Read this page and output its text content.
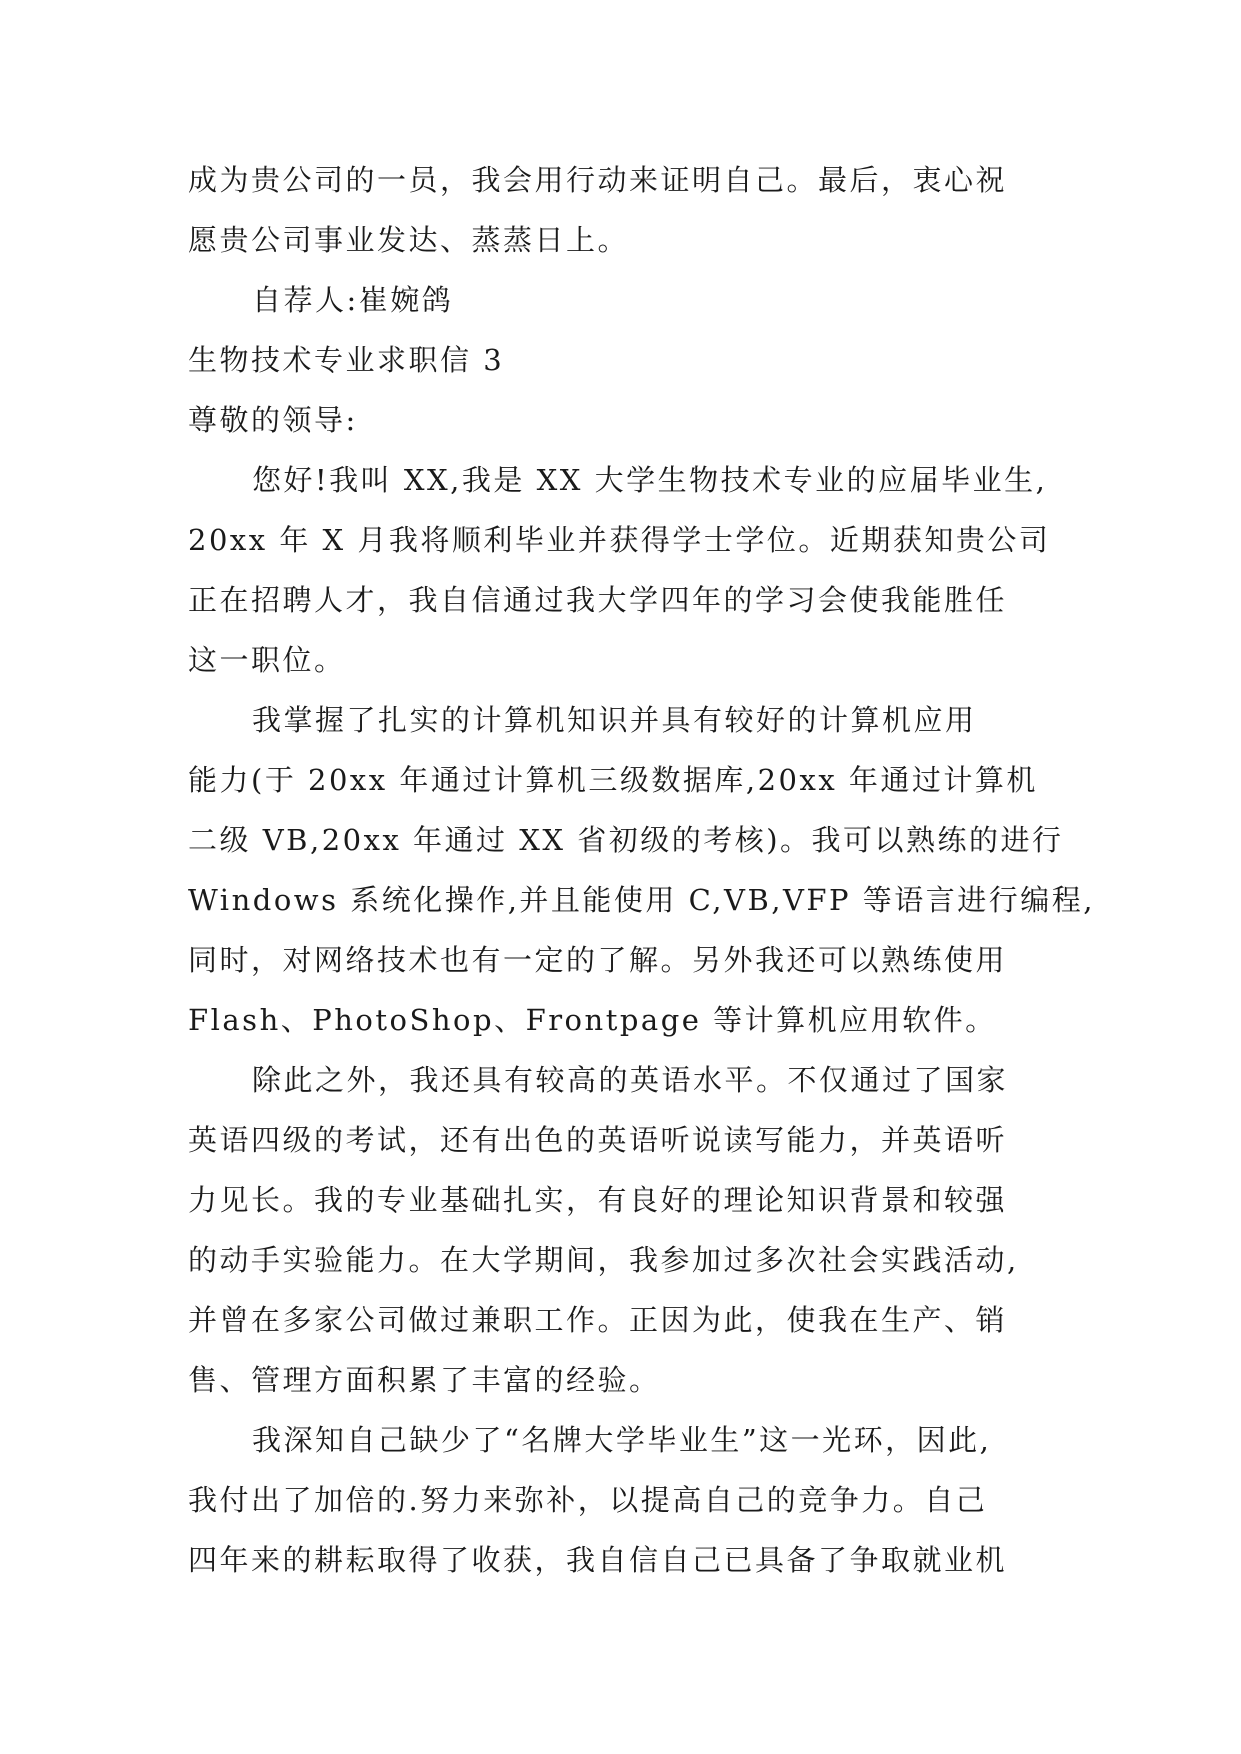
成为贵公司的一员，我会用行动来证明自己。最后，衷心祝
愿贵公司事业发达、蒸蒸日上。
自荐人:崔婉鸽
生物技术专业求职信 3
尊敬的领导:
您好!我叫 XX,我是 XX 大学生物技术专业的应届毕业生,
20xx 年 X 月我将顺利毕业并获得学士学位。近期获知贵公司
正在招聘人才，我自信通过我大学四年的学习会使我能胜任
这一职位。
我掌握了扎实的计算机知识并具有较好的计算机应用
能力(于 20xx 年通过计算机三级数据库,20xx 年通过计算机
二级 VB,20xx 年通过 XX 省初级的考核)。我可以熟练的进行
Windows 系统化操作,并且能使用 C,VB,VFP 等语言进行编程,
同时，对网络技术也有一定的了解。另外我还可以熟练使用
Flash、PhotoShop、Frontpage 等计算机应用软件。
除此之外，我还具有较高的英语水平。不仅通过了国家
英语四级的考试，还有出色的英语听说读写能力，并英语听
力见长。我的专业基础扎实，有良好的理论知识背景和较强
的动手实验能力。在大学期间，我参加过多次社会实践活动,
并曾在多家公司做过兼职工作。正因为此，使我在生产、销
售、管理方面积累了丰富的经验。
我深知自己缺少了“名牌大学毕业生”这一光环，因此,
我付出了加倍的.努力来弥补，以提高自己的竞争力。自己
四年来的耕耘取得了收获，我自信自己已具备了争取就业机
